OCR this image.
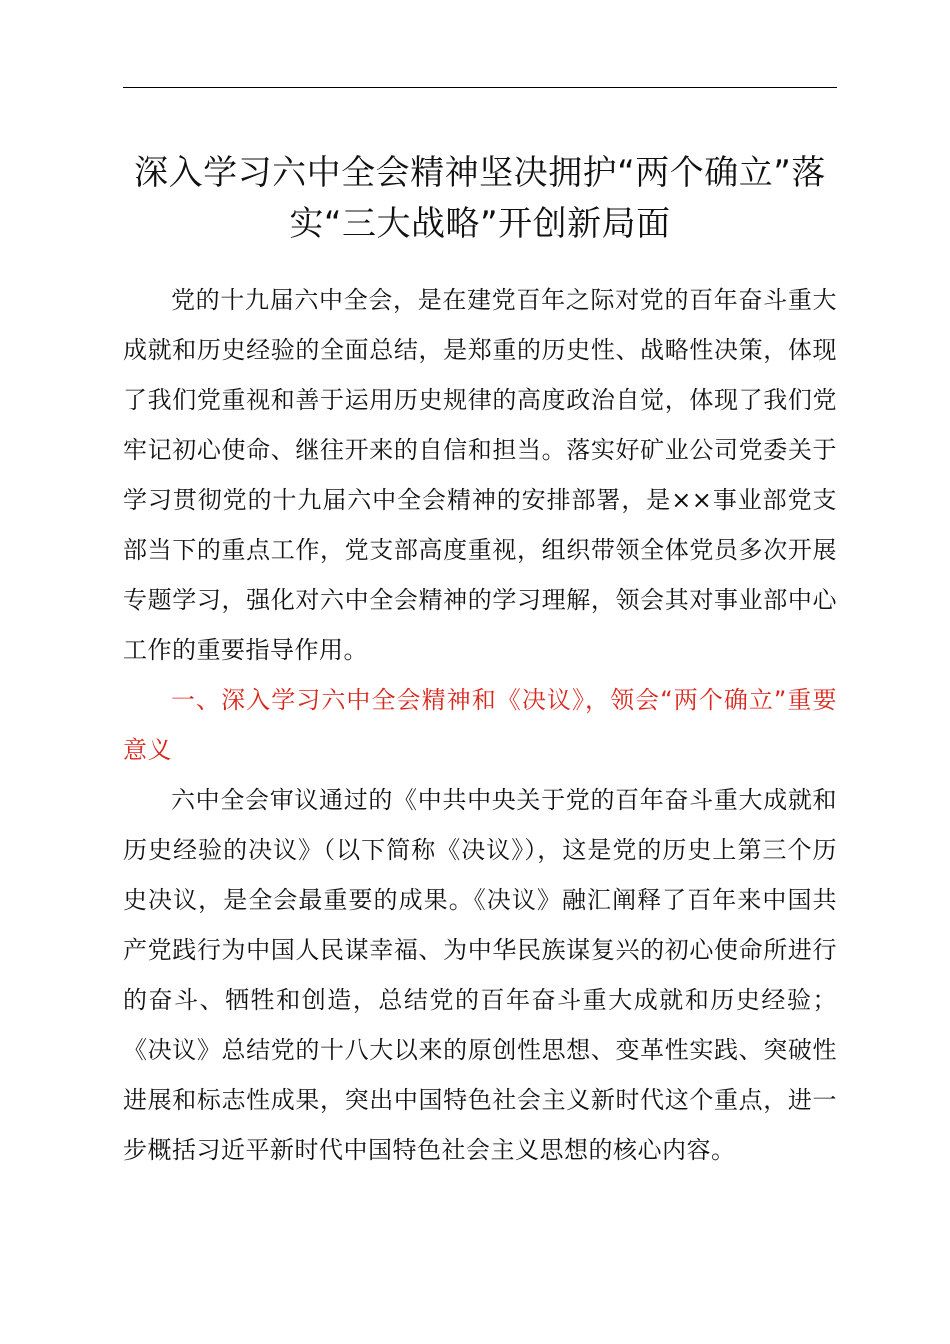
深入学习六中全会精神坚决拥护“两个确立”落实“三大战略”开创新局面

党的十九届六中全会，是在建党百年之际对党的百年奋斗重大成就和历史经验的全面总结，是郑重的历史性、战略性决策，体现了我们党重视和善于运用历史规律的高度政治自觉，体现了我们党牢记初心使命、继往开来的自信和担当。落实好矿业公司党委关于学习贯彻党的十九届六中全会精神的安排部署，是××事业部党支部当下的重点工作，党支部高度重视，组织带领全体党员多次开展专题学习，强化对六中全会精神的学习理解，领会其对事业部中心工作的重要指导作用。

一、深入学习六中全会精神和《决议》，领会“两个确立”重要意义

六中全会审议通过的《中共中央关于党的百年奋斗重大成就和历史经验的决议》（以下简称《决议》），这是党的历史上第三个历史决议，是全会最重要的成果。《决议》融汇阐释了百年来中国共产党践行为中国人民谋幸福、为中华民族谋复兴的初心使命所进行的奋斗、牺牲和创造，总结党的百年奋斗重大成就和历史经验；《决议》总结党的十八大以来的原创性思想、变革性实践、突破性进展和标志性成果，突出中国特色社会主义新时代这个重点，进一步概括习近平新时代中国特色社会主义思想的核心内容。
